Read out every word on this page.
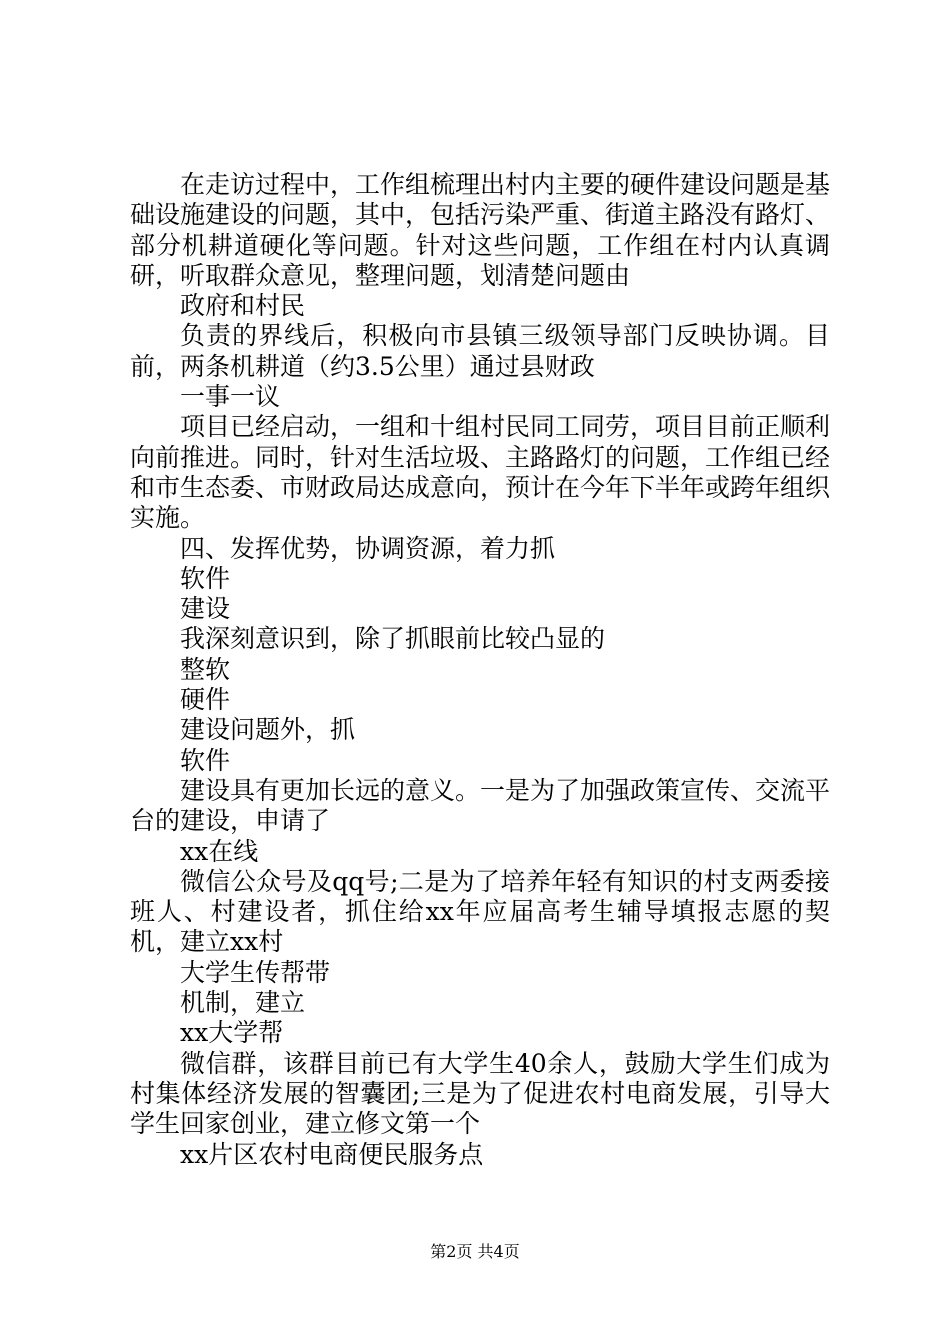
在走访过程中，工作组梳理出村内主要的硬件建设问题是基础设施建设的问题，其中，包括污染严重、街道主路没有路灯、部分机耕道硬化等问题。针对这些问题，工作组在村内认真调研，听取群众意见，整理问题，划清楚问题由

政府和村民

负责的界线后，积极向市县镇三级领导部门反映协调。目前，两条机耕道（约3.5公里）通过县财政

一事一议

项目已经启动，一组和十组村民同工同劳，项目目前正顺利向前推进。同时，针对生活垃圾、主路路灯的问题，工作组已经和市生态委、市财政局达成意向，预计在今年下半年或跨年组织实施。

四、发挥优势，协调资源，着力抓

软件

建设

我深刻意识到，除了抓眼前比较凸显的

整软

硬件

建设问题外，抓

软件

建设具有更加长远的意义。一是为了加强政策宣传、交流平台的建设，申请了

xx在线

微信公众号及qq号;二是为了培养年轻有知识的村支两委接班人、村建设者，抓住给xx年应届高考生辅导填报志愿的契机，建立xx村

大学生传帮带

机制，建立

xx大学帮

微信群，该群目前已有大学生40余人，鼓励大学生们成为村集体经济发展的智囊团;三是为了促进农村电商发展，引导大学生回家创业，建立修文第一个

xx片区农村电商便民服务点

第2页 共4页
